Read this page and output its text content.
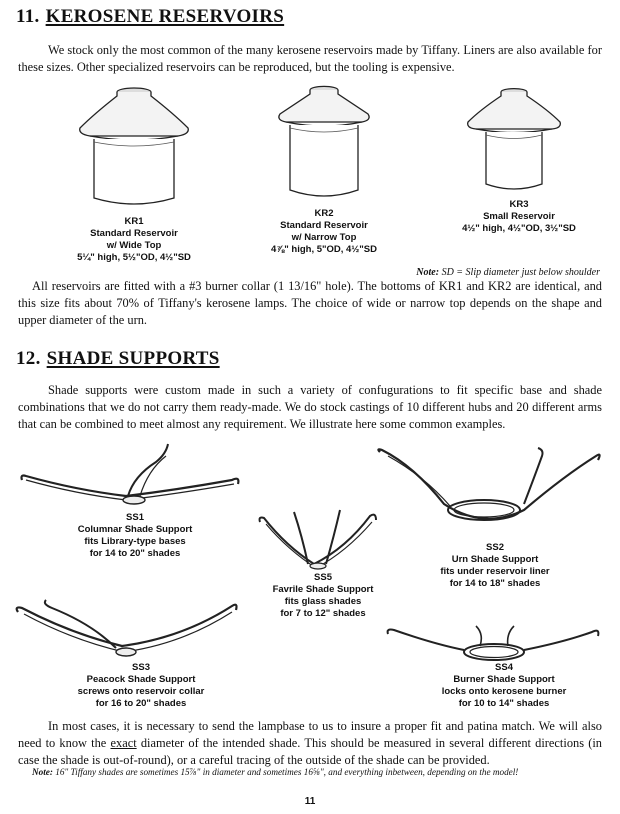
11. KEROSENE RESERVOIRS
We stock only the most common of the many kerosene reservoirs made by Tiffany. Liners are also available for these sizes. Other specialized reservoirs can be reproduced, but the tooling is expensive.
KR1
Standard Reservoir
w/ Wide Top
5¼" high, 5½"OD, 4½"SD
KR2
Standard Reservoir
w/ Narrow Top
4⅞" high, 5"OD, 4½"SD
KR3
Small Reservoir
4½" high, 4½"OD, 3½"SD
Note: SD = Slip diameter just below shoulder
All reservoirs are fitted with a #3 burner collar (1 13/16" hole). The bottoms of KR1 and KR2 are identical, and this size fits about 70% of Tiffany's kerosene lamps. The choice of wide or narrow top depends on the shape and upper diameter of the urn.
12. SHADE SUPPORTS
Shade supports were custom made in such a variety of confugurations to fit specific base and shade combinations that we do not carry them ready-made. We do stock castings of 10 different hubs and 20 different arms that can be combined to meet almost any requirement. We illustrate here some common examples.
SS1
Columnar Shade Support
fits Library-type bases
for 14 to 20" shades
SS2
Urn Shade Support
fits under reservoir liner
for 14 to 18" shades
SS5
Favrile Shade Support
fits glass shades
for 7 to 12" shades
SS3
Peacock Shade Support
screws onto reservoir collar
for 16 to 20" shades
SS4
Burner Shade Support
locks onto kerosene burner
for 10 to 14" shades
In most cases, it is necessary to send the lampbase to us to insure a proper fit and patina match. We will also need to know the exact diameter of the intended shade. This should be measured in several different directions (in case the shade is out-of-round), or a careful tracing of the outside of the shade can be provided.
Note: 16" Tiffany shades are sometimes 15⅞" in diameter and sometimes 16⅝", and everything inbetween, depending on the model!
11
